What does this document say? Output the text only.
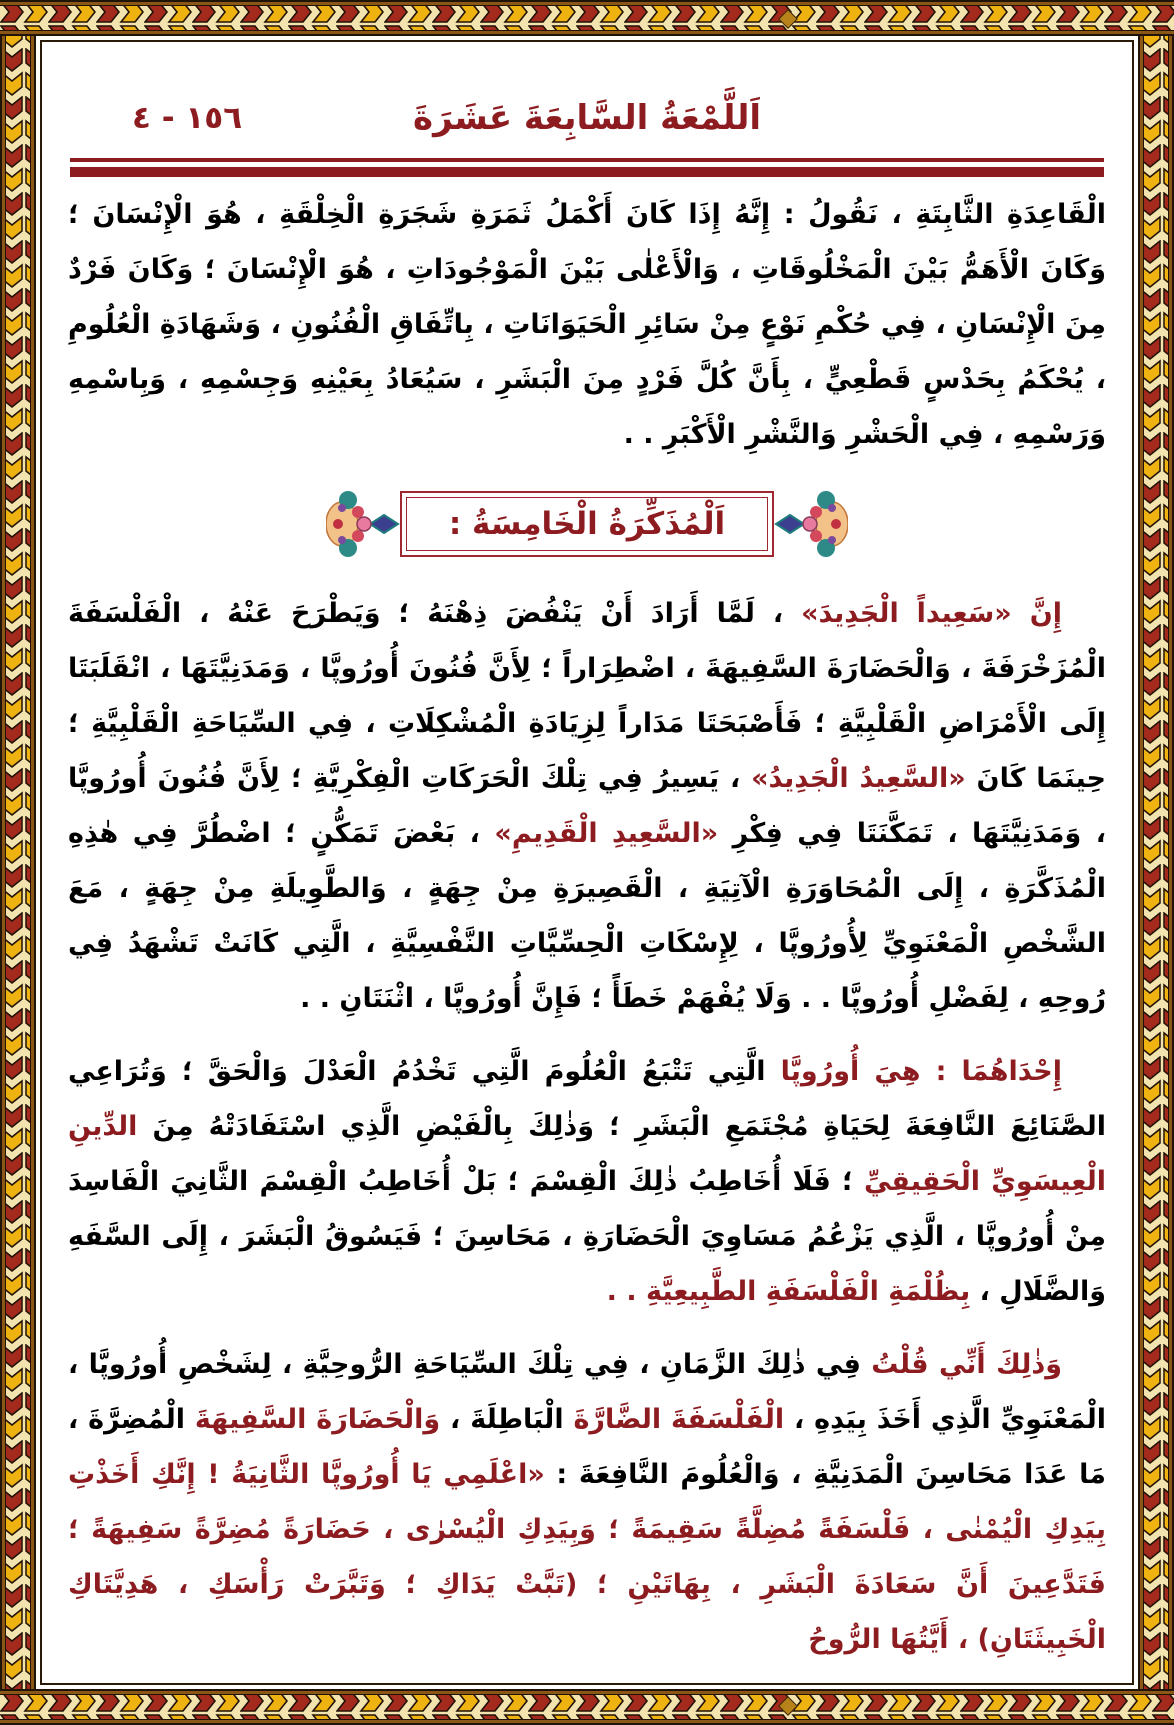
اَللَّمْعَةُ السَّابِعَةَ عَشَرَةَ
١٥٦ - ٤

الْقَاعِدَةِ الثَّابِتَةِ ، نَقُولُ : إِنَّهُ إِذَا كَانَ أَكْمَلُ ثَمَرَةِ شَجَرَةِ الْخِلْقَةِ ، هُوَ الْإِنْسَانَ ؛ وَكَانَ الْأَهَمُّ بَيْنَ الْمَخْلُوقَاتِ ، وَالْأَعْلٰى بَيْنَ الْمَوْجُودَاتِ ، هُوَ الْإِنْسَانَ ؛ وَكَانَ فَرْدٌ مِنَ الْإِنْسَانِ ، فِي حُكْمِ نَوْعٍ مِنْ سَائِرِ الْحَيَوَانَاتِ ، بِاتِّفَاقِ الْفُنُونِ ، وَشَهَادَةِ الْعُلُومِ ، يُحْكَمُ بِحَدْسٍ قَطْعِيٍّ ، بِأَنَّ كُلَّ فَرْدٍ مِنَ الْبَشَرِ ، سَيُعَادُ بِعَيْنِهِ وَجِسْمِهِ ، وَبِاسْمِهِ وَرَسْمِهِ ، فِي الْحَشْرِ وَالنَّشْرِ الْأَكْبَرِ . .

اَلْمُذَكِّرَةُ الْخَامِسَةُ :

إِنَّ «سَعِيداً الْجَدِيدَ» ، لَمَّا أَرَادَ أَنْ يَنْفُضَ ذِهْنَهُ ؛ وَيَطْرَحَ عَنْهُ ، الْفَلْسَفَةَ الْمُزَخْرَفَةَ ، وَالْحَضَارَةَ السَّفِيهَةَ ، اضْطِرَاراً ؛ لِأَنَّ فُنُونَ أُورُوپَّا ، وَمَدَنِيَّتَهَا ، انْقَلَبَتَا إِلَى الْأَمْرَاضِ الْقَلْبِيَّةِ ؛ فَأَصْبَحَتَا مَدَاراً لِزِيَادَةِ الْمُشْكِلَاتِ ، فِي السِّيَاحَةِ الْقَلْبِيَّةِ ؛ حِينَمَا كَانَ «السَّعِيدُ الْجَدِيدُ» ، يَسِيرُ فِي تِلْكَ الْحَرَكَاتِ الْفِكْرِيَّةِ ؛ لِأَنَّ فُنُونَ أُورُوپَّا ، وَمَدَنِيَّتَهَا ، تَمَكَّنَتَا فِي فِكْرِ «السَّعِيدِ الْقَدِيمِ» ، بَعْضَ تَمَكُّنٍ ؛ اضْطُرَّ فِي هٰذِهِ الْمُذَكَّرَةِ ، إِلَى الْمُحَاوَرَةِ الْآتِيَةِ ، الْقَصِيرَةِ مِنْ جِهَةٍ ، وَالطَّوِيلَةِ مِنْ جِهَةٍ ، مَعَ الشَّخْصِ الْمَعْنَوِيِّ لِأُورُوپَّا ، لِإِسْكَاتِ الْحِسِّيَّاتِ النَّفْسِيَّةِ ، الَّتِي كَانَتْ تَشْهَدُ فِي رُوحِهِ ، لِفَضْلِ أُورُوپَّا . . وَلَا يُفْهَمْ خَطَأً ؛ فَإِنَّ أُورُوپَّا ، اثْنَتَانِ . .

إِحْدَاهُمَا : هِيَ أُورُوپَّا الَّتِي تَتْبَعُ الْعُلُومَ الَّتِي تَخْدُمُ الْعَدْلَ وَالْحَقَّ ؛ وَتُرَاعِي الصَّنَائِعَ النَّافِعَةَ لِحَيَاةِ مُجْتَمَعِ الْبَشَرِ ؛ وَذٰلِكَ بِالْفَيْضِ الَّذِي اسْتَفَادَتْهُ مِنَ الدِّينِ الْعِيسَوِيِّ الْحَقِيقِيِّ ؛ فَلَا أُخَاطِبُ ذٰلِكَ الْقِسْمَ ؛ بَلْ أُخَاطِبُ الْقِسْمَ الثَّانِيَ الْفَاسِدَ مِنْ أُورُوپَّا ، الَّذِي يَزْعُمُ مَسَاوِيَ الْحَضَارَةِ ، مَحَاسِنَ ؛ فَيَسُوقُ الْبَشَرَ ، إِلَى السَّفَهِ وَالضَّلَالِ ، بِظُلْمَةِ الْفَلْسَفَةِ الطَّبِيعِيَّةِ . .

وَذٰلِكَ أَنِّي قُلْتُ فِي ذٰلِكَ الزَّمَانِ ، فِي تِلْكَ السِّيَاحَةِ الرُّوحِيَّةِ ، لِشَخْصِ أُورُوپَّا ، الْمَعْنَوِيِّ الَّذِي أَخَذَ بِيَدِهِ ، الْفَلْسَفَةَ الضَّارَّةَ الْبَاطِلَةَ ، وَالْحَضَارَةَ السَّفِيهَةَ الْمُضِرَّةَ ، مَا عَدَا مَحَاسِنَ الْمَدَنِيَّةِ ، وَالْعُلُومَ النَّافِعَةَ : «اعْلَمِي يَا أُورُوپَّا الثَّانِيَةُ ! إِنَّكِ أَخَذْتِ بِيَدِكِ الْيُمْنٰى ، فَلْسَفَةً مُضِلَّةً سَقِيمَةً ؛ وَبِيَدِكِ الْيُسْرٰى ، حَضَارَةً مُضِرَّةً سَفِيهَةً ؛ فَتَدَّعِينَ أَنَّ سَعَادَةَ الْبَشَرِ ، بِهَاتَيْنِ ؛ (تَبَّتْ يَدَاكِ ؛ وَتَبَّرَتْ رَأْسَكِ ، هَدِيَّتَاكِ الْخَبِيثَتَانِ) ، أَيَّتُهَا الرُّوحُ
